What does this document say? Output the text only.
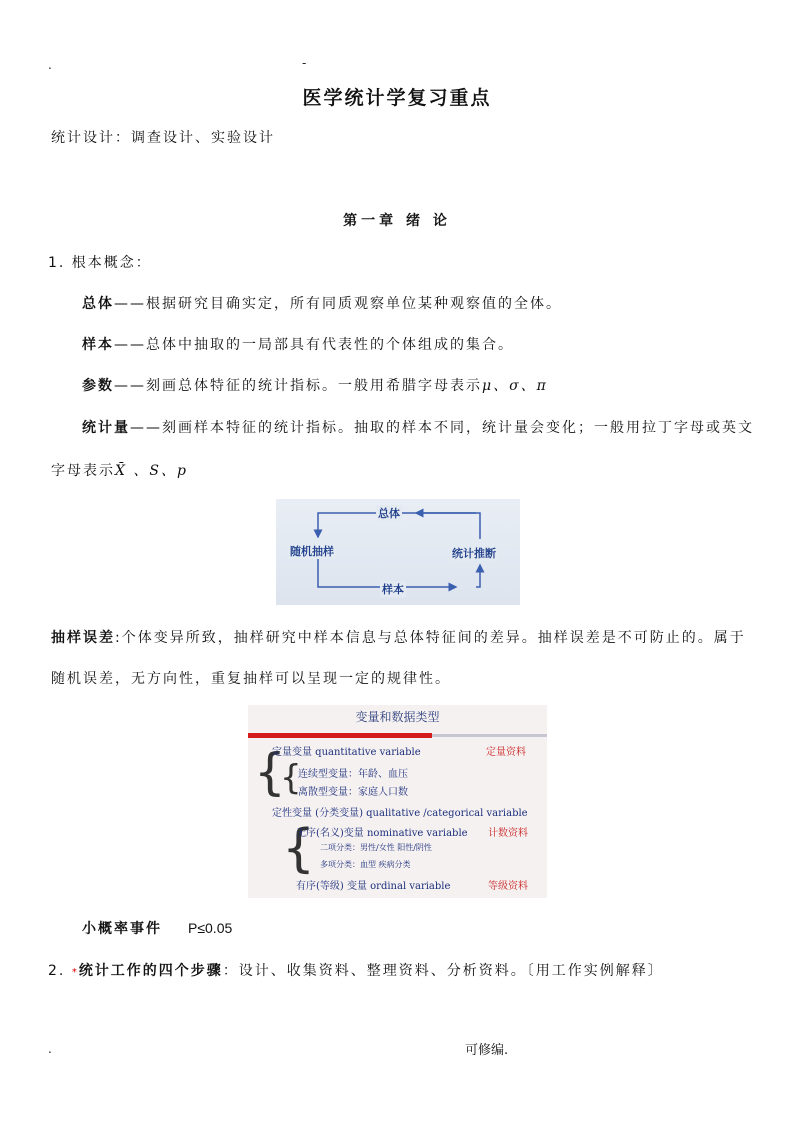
.	-
医学统计学复习重点
统计设计：调查设计、实验设计
第一章 绪 论
1. 根本概念：
总体——根据研究目确实定，所有同质观察单位某种观察值的全体。
样本——总体中抽取的一局部具有代表性的个体组成的集合。
参数——刻画总体特征的统计指标。一般用希腊字母表示μ、σ、π
统计量——刻画样本特征的统计指标。抽取的样本不同，统计量会变化；一般用拉丁字母或英文
字母表示X̄ 、S、p
总体
随机抽样	统计推断
样本
抽样误差:个体变异所致，抽样研究中样本信息与总体特征间的差异。抽样误差是不可防止的。属于
随机误差，无方向性，重复抽样可以呈现一定的规律性。
变量和数据类型
{
定量变量 quantitative variable	定量资料
{
连续型变量：年龄、血压
离散型变量：家庭人口数
定性变量 (分类变量) qualitative /categorical variable
{
无序(名义)变量 nominative variable 计数资料
二项分类：男性/女性 阳性/阴性
多项分类：血型 疾病分类
有序(等级) 变量 ordinal variable	等级资料
小概率事件 P≤0.05
2. *统计工作的四个步骤：设计、收集资料、整理资料、分析资料。〔用工作实例解释〕
.	可修编.
